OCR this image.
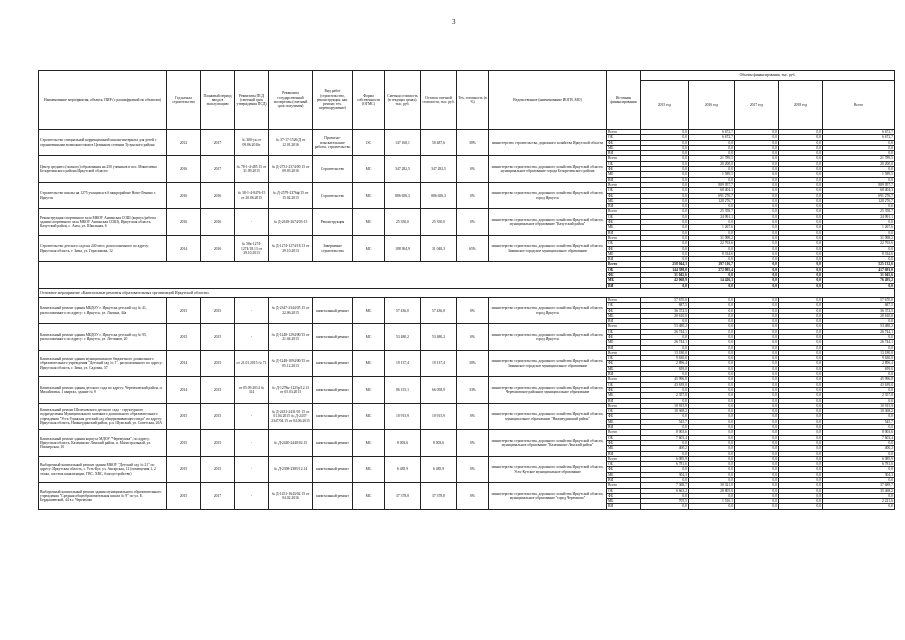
3
Наименование мероприятия, объекта, ПИР (с расшифровкой по объектам)	Год начала строительства	Плановый период ввода в эксплуатацию	Реквизиты ПСД (сметный срок утверждения ПСД)	Реквизиты государственной экспертизы (сметный срок получения)	Вид работ (строительство, реконструкция, кап. ремонт, тех. перевооружение)	Форма собственности (ОГМС)	Сметная стоимость (в текущих ценах), тыс. руб.	Остаток сметной стоимости, тыс. руб.	Тех. готовность (в %)	Ведомственное (наименование ИОГВ, МО)	Источник финансирования	Объемы финансирования, тыс. руб.				
												2015 год	2016 год	2017 год	2018 год	Всего
Строительство специальной коррекционной школы-интерната для детей с ограниченными возможностями в Целинном селении Тулунского района	2012	2017	№ 300-ук от 09.06.2016г	№ 37-17-1526/Д от 12.01.2016	Проектно-изыскательские работы, строительство	ОС	147 168,1	50 487,6	30%	министерство строительства, дорожного хозяйства Иркутской области	Всего	0,0	6 672,7	0,0	0,0	6 672,7
											ОБ	0,0	6 672,7	0,0	0,0	6 672,7
											ФБ	0,0	0,0	0,0	0,0	0,0
											МБ	0,0	0,0	0,0	0,0	0,0
											ВИ	0,0	0,0	0,0	0,0	0,0
Центр среднего (полного) образования на 250 учеников в пос. Мишелевка Белореченского района Иркутской области	2016	2017	№ 78-1-4-485 15 от 31.09.2015	№ Д-2731-2374/00 15 от 09.03.2016	Строительство	МС	347 282,5	347 282,5	0%	министерство строительства, дорожного хозяйства Иркутской области, муниципальное образование города Белореченского района	Всего	0,0	21 789,5	0,0	0,0	21 789,5
											ОБ	0,0	20 200,0	0,0	0,0	20 200,0
											ФБ	0,0	0,0	0,0	0,0	0,0
											МБ	0,0	1 589,5	0,0	0,0	1 589,5
											ВИ	0,0	0,0	0,0	0,0	0,0
Строительство школы на 1275 учащихся в 6 микрорайоне Ново-Ленино г. Иркутск	2016	2016	№ 38-1-4-0476-15 от 20.06.2015	№ Д-2579-2376ф/15 от 15.02.2015	Строительство	МС	886 656,3	886 656,3	0%	министерство строительства, дорожного хозяйства Иркутской области, город Иркутск	Всего	0,0	889 957,7	0,0	0,0	889 957,7
											ОБ	0,0	68 404,3	0,0	0,0	68 404,3
											ФБ	0,0	691 276,7	0,0	0,0	691 276,7
											МБ	0,0	128 276,7	0,0	0,0	128 276,7
											ВИ	0,0	0,0	0,0	0,0	0,0
Реконструкция спортивного зала МКОУ Ангинская СОШ (корпус/работы здания спортивного зала МКОУ Ангинская СОШ), Иркутская область, Качугский район, с. Анга, ул. Школьная, 6	2016	2016	-	№ Д-2618-2674/03-15	Реконструкция	МС	25 350,0	25 350,0	0%	министерство строительства, дорожного хозяйства Иркутской области, муниципальное образование "Качугский район"	Всего	0,0	25 358,7	0,0	0,0	25 358,7
											ОБ	0,0	24 091,1	0,0	0,0	24 091,1
											ФБ	0,0	0,0	0,0	0,0	0,0
											МБ	0,0	1 267,6	0,0	0,0	1 267,6
											ВИ	0,0	0,0	0,0	0,0	0,0
Строительство детского сада на 240 мест, расположенного по адресу: Иркутская область, г. Зима, ул. Герасимова, 12	2014	2016	№ 38к-1274-1274/18.13 от 29.10.2013	№ Д-1274-1274/18.13 от 29.10.2013	Завершение строительства	МС	188 304,9	31 048,3	65%	министерство строительства, дорожного хозяйства Иркутской области, Зиминское городское муниципальное образование	Всего	0,0	31 098,2	0,0	0,0	31 098,2
											ОБ	0,0	22 763,6	0,0	0,0	22 763,6
											ФБ	0,0	0,0	0,0	0,0	0,0
											МБ	0,0	8 334,6	0,0	0,0	8 334,6
											ВИ	0,0	0,0	0,0	0,0	0,0
											Всего	258 044,3	297 116,7	0,0	0,0	525 132,6
											ОБ	144 398,0	272 095,4	0,0	0,0	417 693,0
											ФБ	31 045,6	0,0	0,0	0,0	31 045,6
											МБ	42 068,9	14 426,3	0,0	0,0	76 495,2
											ВИ	0,0	0,0	0,0	0,0	0,0
Основное мероприятие «Капитальные ремонты образовательных организаций Иркутской области»																
Капитальный ремонт здания МБДОУ г. Иркутска детский сад № 41, расположенного по адресу: г. Иркутск, ул. Лызина, 44а	2015	2015	-	№ Д-2347-2344/05 15 от 22.06.2015	капитальный ремонт	МС	57 436,0	57 436,0	0%	министерство строительства, дорожного хозяйства Иркутской области, город Иркутск	Всего	57 670,0	0,0	0,0	0,0	57 670,0
											ОБ	687,5	0,0	0,0	0,0	687,5
											ФБ	36 372,5	0,0	0,0	0,0	36 372,5
											МБ	20 610,0	0,0	0,0	0,0	20 610,0
											ВИ	0,0	0,0	0,0	0,0	0,0
Капитальный ремонт здания МБДОУ г. Иркутска детский сад № 95, расположенного по адресу: г. Иркутск, ул. Летчиков, 20	2015	2015	-	№ Д-1248-1294/00/15 от 21.04.2015	капитальный ремонт	МС	53 480,2	53 480,2	0%	министерство строительства, дорожного хозяйства Иркутской области, город Иркутск	Всего	53 480,2	0,0	0,0	0,0	53 480,2
											ОБ	26 744,1	0,0	0,0	0,0	26 744,1
											ФБ	0,0	0,0	0,0	0,0	0,0
											МБ	26 744,1	0,0	0,0	0,0	26 744,1
											ВИ	0,0	0,0	0,0	0,0	0,0
Капитальный ремонт здания муниципального бюджетного дошкольного образовательного учреждения "Детский сад № 1", расположенного по адресу: Иркутская область, г. Зима, ул. Садовая, 37	2014	2015	от 21.01.2015 № 71	№ Д-1248-1094/00/15 от 05.12.2013	капитальный ремонт	МС	19 137,4	19 137,4	30%	министерство строительства, дорожного хозяйства Иркутской области, Зиминское городское муниципальное образование	Всего	13 180,0	0,0	0,0	0,0	13 180,0
											ОБ	9 630,0	0,0	0,0	0,0	9 630,0
											ФБ	2 896,4	0,0	0,0	0,0	2 896,4
											МБ	659,0	0,0	0,0	0,0	659,0
											ВИ	0,0	0,0	0,0	0,0	0,0
Капитальный ремонт здания детского сада по адресу: Черемховский район, п. Михайловка, 1 квартал, здание № 9	2014	2015	от 05.09.2014 № 314	№ Д-1278н-1225р/12.13 от 05.03.2013	капитальный ремонт	МС	86 155,1	66 058,9	33%	министерство строительства, дорожного хозяйства Иркутской области, Черемховское районное муниципальное образование	Всего	45 996,8	0,0	0,0	0,0	45 996,8
											ОБ	43 639,0	0,0	0,0	0,0	43 639,0
											ФБ	0,0	0,0	0,0	0,0	0,0
											МБ	2 357,8	0,0	0,0	0,0	2 357,8
											ВИ	0,0	0,0	0,0	0,0	0,0
Капитальный ремонт Шелеховского детского сада - структурного подразделения Муниципального казенного дошкольного образовательного учреждения "Усть-Удинская детский сад общеразвивающего вида" по адресу: Иркутская область, Нижнеудинский район, р.п. Шумский, ул. Советская, 26А	2015	2015	-	№ Д-2431-2431/01 15 от 01.04.2015 № Д-2437-2347/04.15 от 04.06.2015	капитальный ремонт	МС	10 915,9	10 915,9	0%	министерство строительства, дорожного хозяйства Иркутской области, муниципальное образование "Нижнеудинский район"	Всего	10 915,9	0,0	0,0	0,0	10 915,9
											ОБ	10 368,2	0,0	0,0	0,0	10 368,2
											ФБ	0,0	0,0	0,0	0,0	0,0
											МБ	545,7	0,0	0,0	0,0	545,7
											ВИ	0,0	0,0	0,0	0,0	0,0
Капитальный ремонт здания корпуса МДОУ "Черемушка", по адресу: Иркутская область, Казачинско-Ленский район, п. Магистральный, ул. Пионерская, 10	2015	2015	-	№ Д-2440-2440/02.15	капитальный ремонт	МС	8 003,6	8 003,6	0%	министерство строительства, дорожного хозяйства Иркутской области, муниципальное образование "Казачинско-Ленский район"	Всего	8 003,6	0,0	0,0	0,0	8 003,6
											ОБ	7 603,4	0,0	0,0	0,0	7 603,4
											ФБ	0,0	0,0	0,0	0,0	0,0
											МБ	400,2	0,0	0,0	0,0	400,2
											ВИ	0,0	0,0	0,0	0,0	0,0
Выборочный капитальный ремонт здания МКОУ "Детский сад № 21" по адресу: Иркутская область, г. Усть-Кут, ул. Ангарская, 12 (помещения 1, 2 этажа, система канализации, ГВС, ХВС, благоустройство)	2015	2015	-	№ Д-2398-2385/12.14	капитальный ремонт	МС	6 485,9	6 485,9	0%	министерство строительства, дорожного хозяйства Иркутской области, Усть-Кутское муниципальное образование	Всего	6 085,9	0,0	0,0	0,0	6 085,9
											ОБ	6 781,6	0,0	0,0	0,0	6 781,6
											ФБ	0,0	0,0	0,0	0,0	0,0
											МБ	304,3	0,0	0,0	0,0	304,3
											ВИ	0,0	0,0	0,0	0,0	0,0
Выборочный капитальный ремонт здания муниципального образовательного учреждения "Средняя общеобразовательная школа № 9" по ул. Е. Бердышевской, 44 в г. Черемхово	2015	2017	-	№ Д-1451-1643/02.15 от 04.02.2016	капитальный ремонт	МС	37 378,8	37 378,8	0%	министерство строительства, дорожного хозяйства Иркутской области, муниципальное образование "город Черемхово"	Всего	7 368,7	30 321,0	0,0	0,0	37 689,7
											ОБ	6 663,2	28 805,0	0,0	0,0	35 468,2
											ФБ	0,0	0,0	0,0	0,0	0,0
											МБ	705,5	1 516,1	0,0	0,0	2 221,6
											ВИ	0,0	0,0	0,0	0,0	0,0
